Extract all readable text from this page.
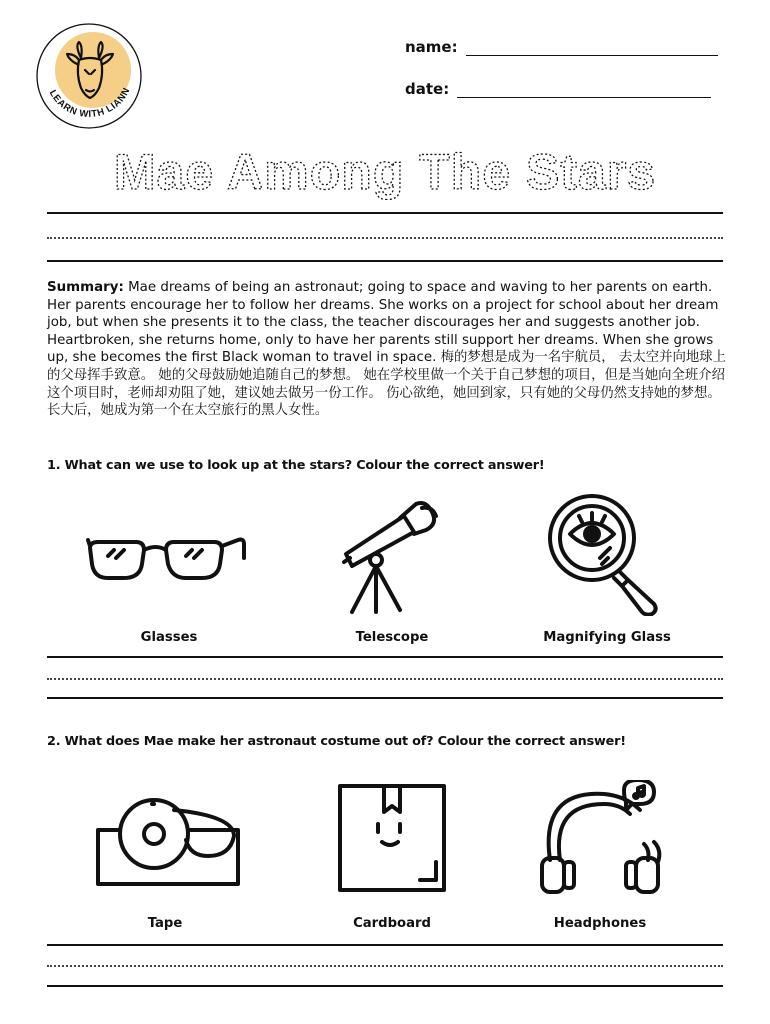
LEARN WITH LIANN
name:
date:
Mae Among The Stars
Summary: Mae dreams of being an astronaut; going to space and waving to her parents on earth. Her parents encourage her to follow her dreams. She works on a project for school about her dream job, but when she presents it to the class, the teacher discourages her and suggests another job. Heartbroken, she returns home, only to have her parents still support her dreams. When she grows up, she becomes the first Black woman to travel in space. 梅的梦想是成为一名宇航员， 去太空并向地球上的父母挥手致意。 她的父母鼓励她追随自己的梦想。 她在学校里做一个关于自己梦想的项目，但是当她向全班介绍这个项目时，老师却劝阻了她，建议她去做另一份工作。 伤心欲绝，她回到家，只有她的父母仍然支持她的梦想。 长大后，她成为第一个在太空旅行的黑人女性。
1. What can we use to look up at the stars? Colour the correct answer!
Glasses	Telescope	Magnifying Glass
2. What does Mae make her astronaut costume out of? Colour the correct answer!
Tape	Cardboard	Headphones
